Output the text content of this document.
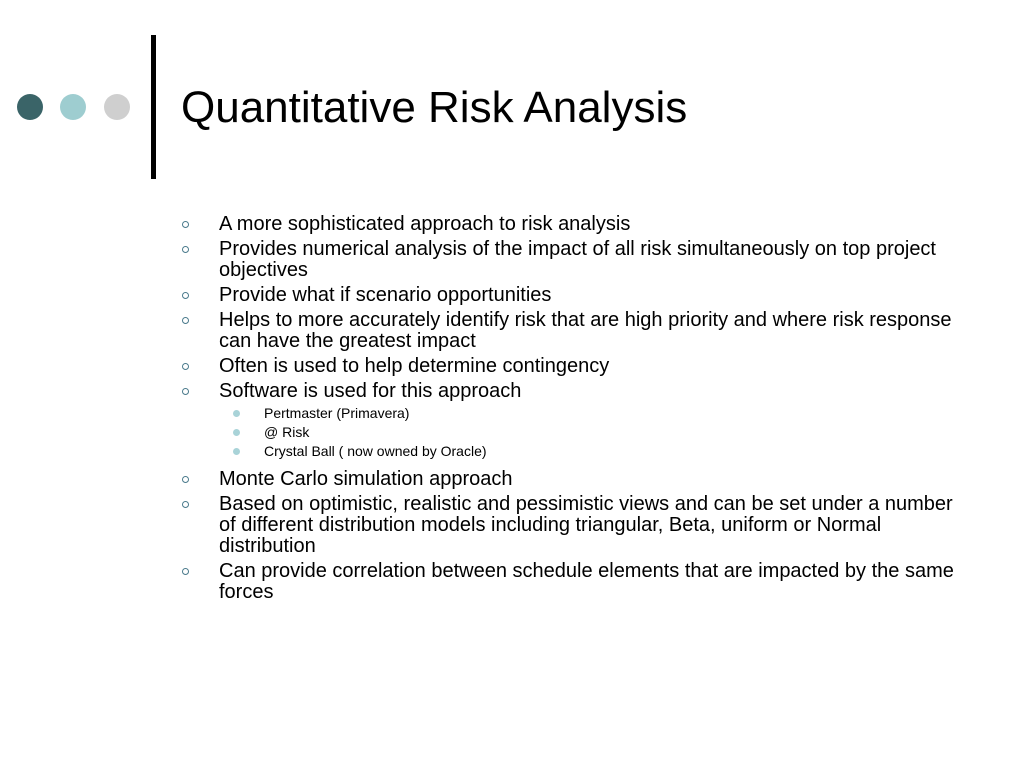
Quantitative Risk Analysis
A more sophisticated approach to risk analysis
Provides numerical analysis of the impact of all risk simultaneously on top project objectives
Provide what if scenario opportunities
Helps to more accurately identify risk that are high priority and where risk response can have the greatest impact
Often is used to help determine contingency
Software is used for this approach
Pertmaster (Primavera)
@ Risk
Crystal Ball ( now owned by Oracle)
Monte Carlo simulation approach
Based on optimistic, realistic and pessimistic views and can be set under a number of different distribution models including triangular, Beta, uniform or Normal distribution
Can provide correlation between schedule elements that are impacted by the same forces
